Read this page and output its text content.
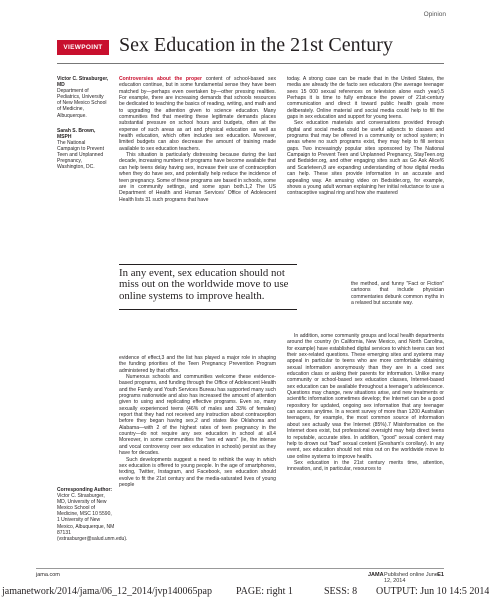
Opinion
VIEWPOINT Sex Education in the 21st Century
Victor C. Strasburger, MD
Department of Pediatrics, University of New Mexico School of Medicine, Albuquerque.
Sarah S. Brown, MSPH
The National Campaign to Prevent Teen and Unplanned Pregnancy, Washington, DC.
Corresponding Author:
Victor C. Strasburger, MD, University of New Mexico School of Medicine, MSC 10 5590, 1 University of New Mexico, Albuquerque, NM 87131 (vstrasburger@salud.unm.edu).

Controversies about the proper content of school-based sex education continue, but in some fundamental sense they have been matched by—perhaps even overtaken by—other pressing realities. For example, there are increasing demands that schools resources be dedicated to teaching the basics of reading, writing, and math and to upgrading the attention given to science education. Many communities find that meeting these legitimate demands places substantial pressure on school hours and budgets, often at the expense of such areas as art and physical education as well as health education, which often includes sex education. Moreover, limited budgets can also decrease the amount of training made available to sex education teachers.

This situation is particularly distressing because during the last decade, increasing numbers of programs have become available that can help teens delay having sex, increase their use of contraception when they do have sex, and potentially help reduce the incidence of teen pregnancy. Some of these programs are based in schools, some are in community settings, and some span both.1,2 The US Department of Health and Human Services' Office of Adolescent Health lists 31 such programs that have

In any event, sex education should not miss out on the worldwide move to use online systems to improve health.

evidence of effect,3 and the list has played a major role in shaping the funding priorities of the Teen Pregnancy Prevention Program administered by that office.

Numerous schools and communities welcome these evidence-based programs, and funding through the Office of Adolescent Health and the Family and Youth Services Bureau has supported many such programs nationwide and also has increased the amount of attention given to using and replicating effective programs. Even so, many sexually experienced teens (46% of males and 33% of females) report that they had not received any instruction about contraception before they began having sex,2 and states like Oklahoma and Alabama—with 2 of the highest rates of teen pregnancy in the country—do not require any sex education in school at all.4 Moreover, in some communities the "sex ed wars" (ie, the intense and vocal controversy over sex education in schools) persist as they have for decades.

Such developments suggest a need to rethink the way in which sex education is offered to young people. In the age of smartphones, texting, Twitter, Instagram, and Facebook, sex education should evolve to fit the 21st century and the media-saturated lives of young people

today. A strong case can be made that in the United States, the media are already the de facto sex educators (the average teenager sees 15 000 sexual references on television alone each year).5 Perhaps it is time to fully embrace the power of 21st-century communication and direct it toward public health goals more deliberately. Online material and social media could help to fill the gaps in sex education and support for young teens.

Sex education materials and conversations provided through digital and social media could be useful adjuncts to classes and programs that may be offered in a community or school system; in areas where no such programs exist, they may help to fill serious gaps. Two increasingly popular sites sponsored by The National Campaign to Prevent Teen and Unplanned Pregnancy, StayTeen.org and Bedsider.org, and other engaging sites such as Go Ask Alice!6 and Scarleteen,8 are expanding understanding of how digital media can help. These sites provide information in an accurate and appealing way. An amusing video on Bedsider.org, for example, shows a young adult woman explaining her initial reluctance to use a contraceptive vaginal ring and how she mastered

the method, and funny "Fact or Fiction" cartoons that include physician commentaries debunk common myths in a relaxed but accurate way.

In addition, some community groups and local health departments around the country (in California, New Mexico, and North Carolina, for example) have established digital services to which teens can text their sex-related questions. These emerging sites and systems may appeal in particular to teens who are more comfortable obtaining sexual information anonymously than they are in a coed sex education class or asking their parents for information. Unlike many community or school-based sex education classes, Internet-based sex education can be available throughout a teenager's adolescence. Questions may change, new situations arise, and new treatments or scientific information sometimes develop; the Internet can be a good repository for updated, ongoing sex information that any teenager can access anytime. In a recent survey of more than 1200 Australian teenagers, for example, the most common source of information about sex actually was the Internet (85%).7 Misinformation on the Internet does exist, but professional oversight may help direct teens to reputable, accurate sites. In addition, "good" sexual content may help to drown out "bad" sexual content (Gresham's corollary). In any event, sex education should not miss out on the worldwide move to use online systems to improve health.

Sex education in the 21st century merits time, attention, innovation, and, in particular, resources to

jama.com	JAMA Published online June 12, 2014
E1
jamanetwork/2014/jama/06_12_2014/jvp140065pap PAGE: right 1	SESS: 8 OUTPUT: Jun 10 14:5 2014
